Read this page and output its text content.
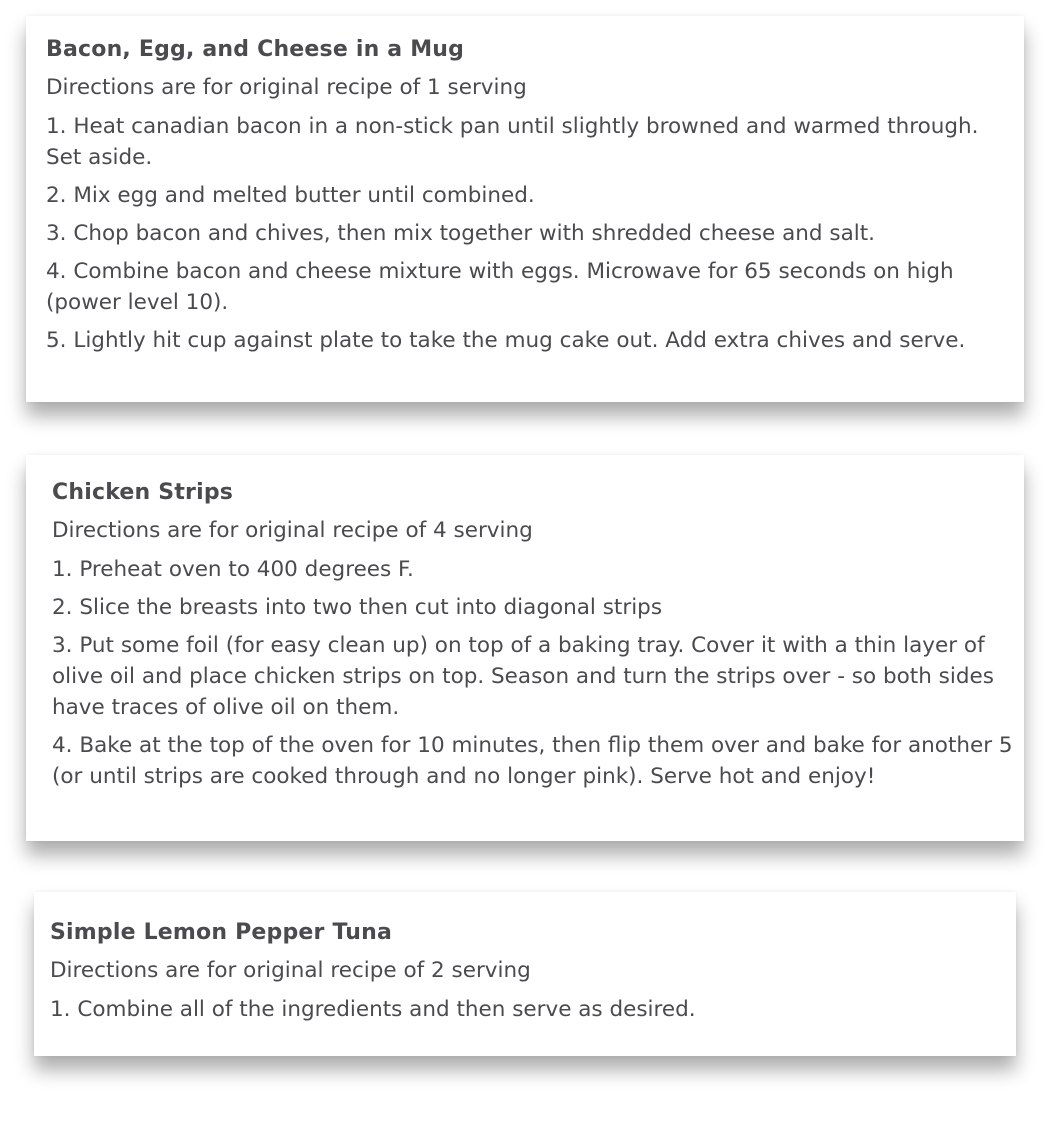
Bacon, Egg, and Cheese in a Mug
Directions are for original recipe of 1 serving
1. Heat canadian bacon in a non-stick pan until slightly browned and warmed through. Set aside.
2. Mix egg and melted butter until combined.
3. Chop bacon and chives, then mix together with shredded cheese and salt.
4. Combine bacon and cheese mixture with eggs. Microwave for 65 seconds on high (power level 10).
5. Lightly hit cup against plate to take the mug cake out. Add extra chives and serve.
Chicken Strips
Directions are for original recipe of 4 serving
1. Preheat oven to 400 degrees F.
2. Slice the breasts into two then cut into diagonal strips
3. Put some foil (for easy clean up) on top of a baking tray. Cover it with a thin layer of olive oil and place chicken strips on top. Season and turn the strips over - so both sides have traces of olive oil on them.
4. Bake at the top of the oven for 10 minutes, then flip them over and bake for another 5 (or until strips are cooked through and no longer pink). Serve hot and enjoy!
Simple Lemon Pepper Tuna
Directions are for original recipe of 2 serving
1. Combine all of the ingredients and then serve as desired.
